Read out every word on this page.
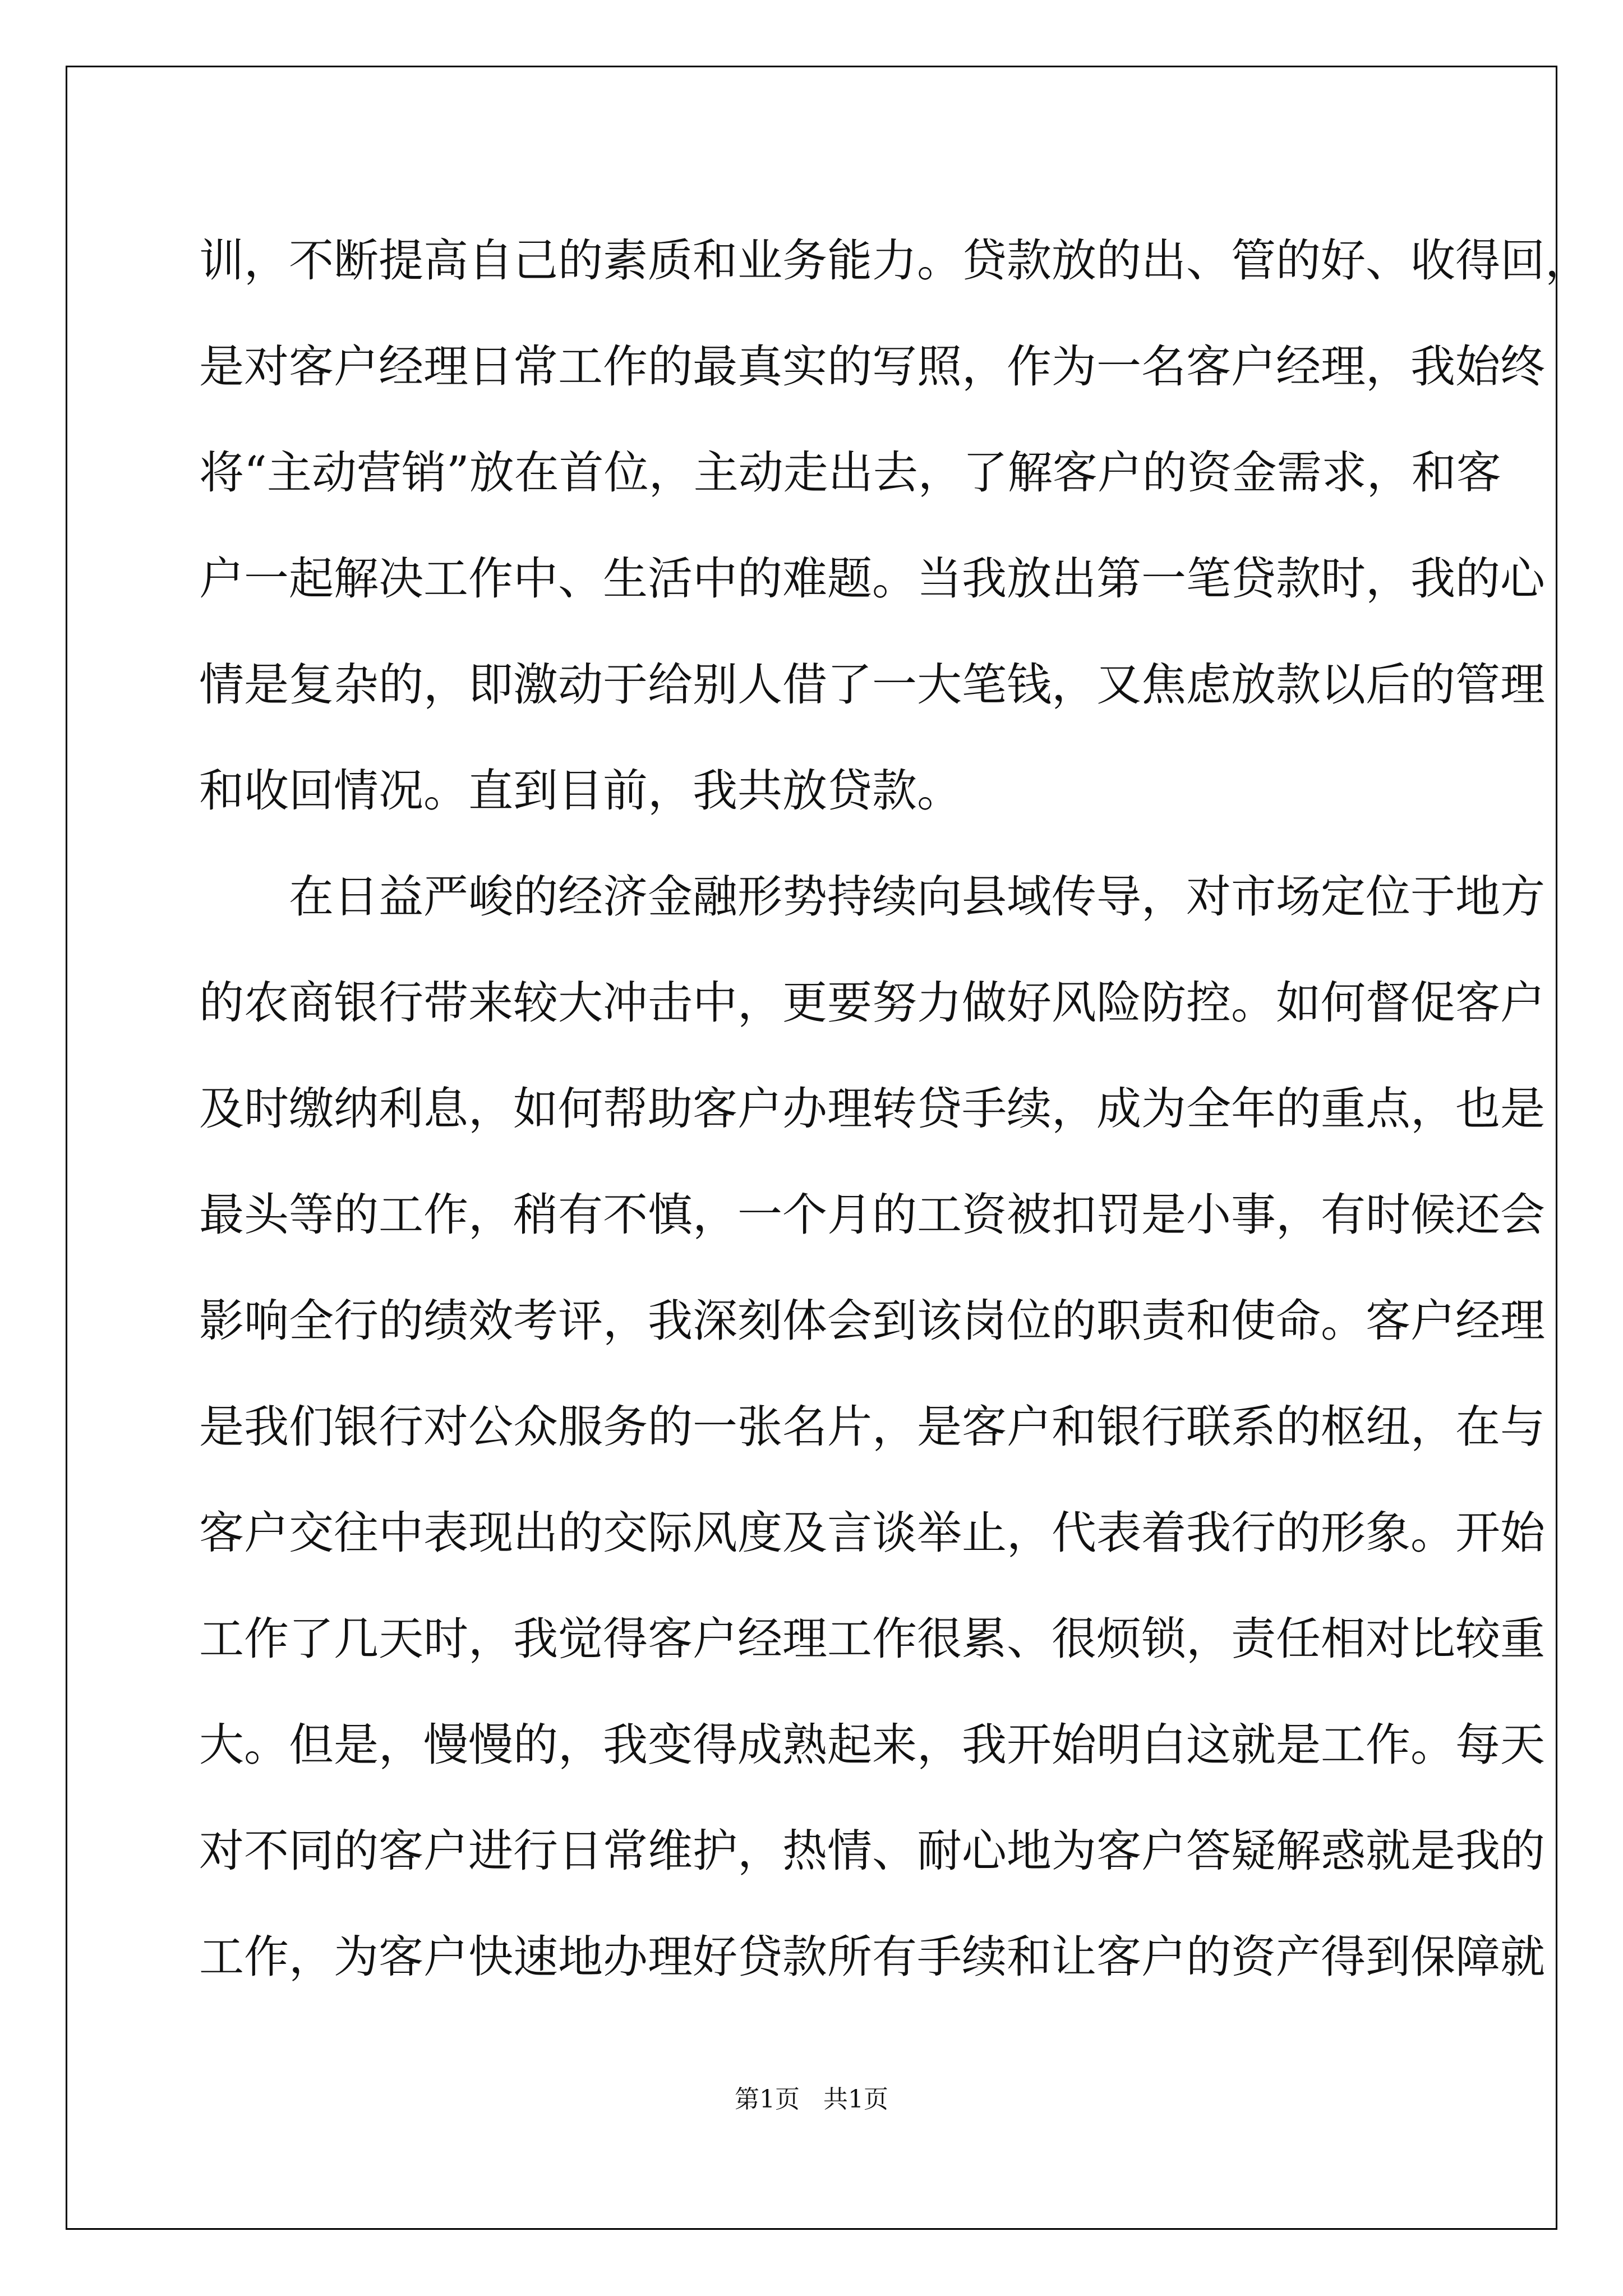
训，不断提高自己的素质和业务能力。贷款放的出、管的好、收得回，
是对客户经理日常工作的最真实的写照，作为一名客户经理，我始终
将“主动营销”放在首位，主动走出去，了解客户的资金需求，和客
户一起解决工作中、生活中的难题。当我放出第一笔贷款时，我的心
情是复杂的，即激动于给别人借了一大笔钱，又焦虑放款以后的管理
和收回情况。直到目前，我共放贷款。
在日益严峻的经济金融形势持续向县域传导，对市场定位于地方
的农商银行带来较大冲击中，更要努力做好风险防控。如何督促客户
及时缴纳利息，如何帮助客户办理转贷手续，成为全年的重点，也是
最头等的工作，稍有不慎，一个月的工资被扣罚是小事，有时候还会
影响全行的绩效考评，我深刻体会到该岗位的职责和使命。客户经理
是我们银行对公众服务的一张名片，是客户和银行联系的枢纽，在与
客户交往中表现出的交际风度及言谈举止，代表着我行的形象。开始
工作了几天时，我觉得客户经理工作很累、很烦锁，责任相对比较重
大。但是，慢慢的，我变得成熟起来，我开始明白这就是工作。每天
对不同的客户进行日常维护，热情、耐心地为客户答疑解惑就是我的
工作，为客户快速地办理好贷款所有手续和让客户的资产得到保障就
第1页 共1页
